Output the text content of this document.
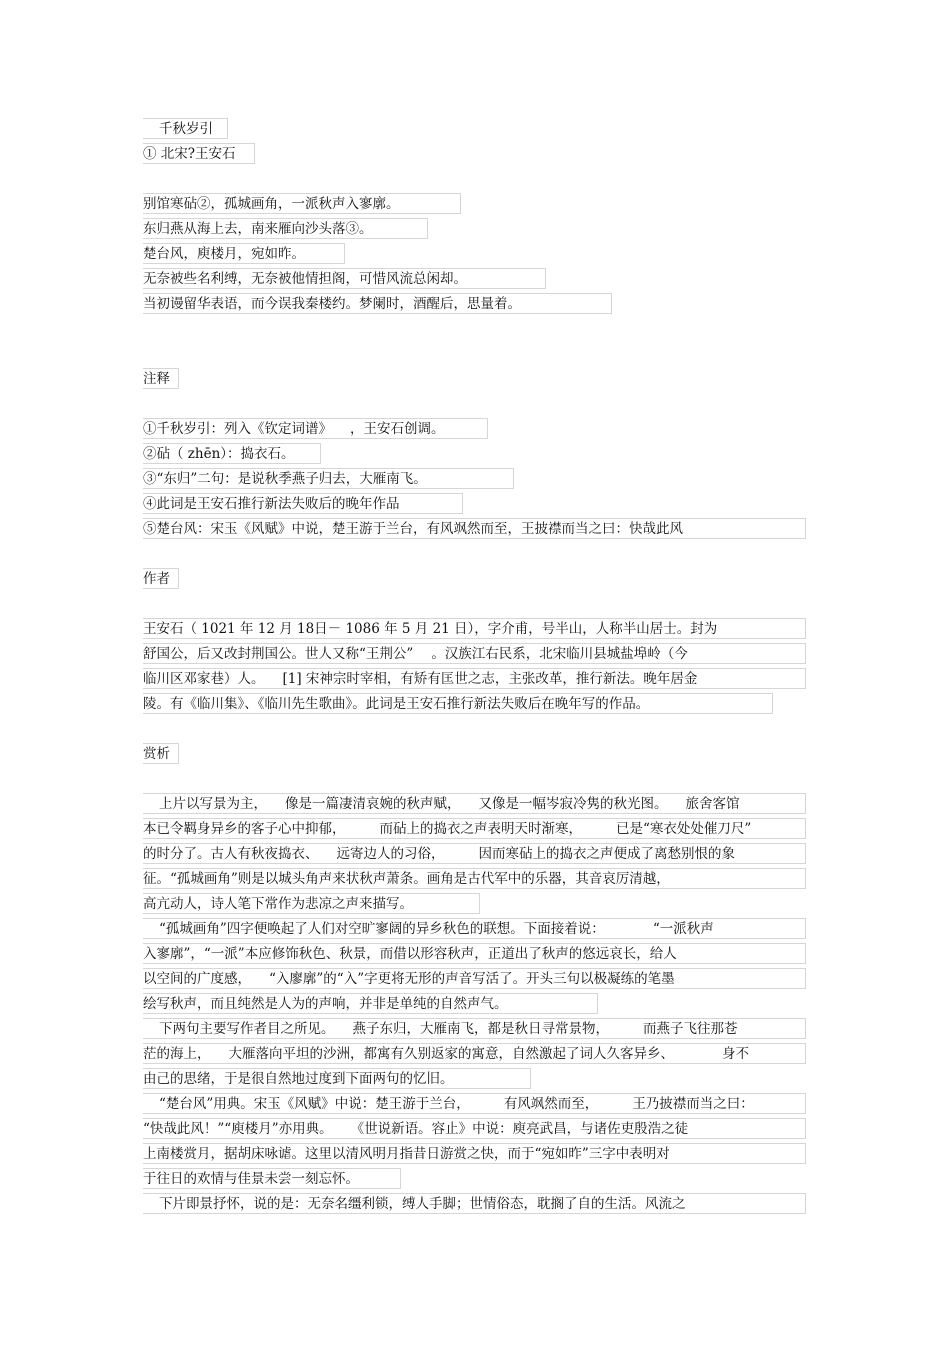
千秋岁引
① 北宋?王安石
别馆寒砧②，孤城画角，一派秋声入寥廓。
东归燕从海上去，南来雁向沙头落③。
楚台风，庾楼月，宛如昨。
无奈被些名利缚，无奈被他情担阁，可惜风流总闲却。
当初谩留华表语，而今误我秦楼约。梦阑时，酒醒后，思量着。
注释
①千秋岁引：列入《钦定词谱》 ，王安石创调。
②砧（ zhēn）：捣衣石。
③“东归”二句：是说秋季燕子归去，大雁南飞。
④此词是王安石推行新法失败后的晚年作品
⑤楚台风：宋玉《风赋》中说，楚王游于兰台，有风飒然而至，王披襟而当之曰：快哉此风
作者
王安石（ 1021 年 12 月 18日－ 1086 年 5 月 21 日），字介甫，号半山，人称半山居士。封为
舒国公，后又改封荆国公。世人又称“王荆公” 。汉族江右民系，北宋临川县城盐埠岭（今
临川区邓家巷）人。 [1] 宋神宗时宰相，有矫有匡世之志，主张改革，推行新法。晚年居金
陵。有《临川集》、《临川先生歌曲》。此词是王安石推行新法失败后在晚年写的作品。
赏析
上片以写景为主， 像是一篇凄清哀婉的秋声赋， 又像是一幅岑寂冷隽的秋光图。 旅舍客馆
本已令羁身异乡的客子心中抑郁，	而砧上的捣衣之声表明天时渐寒，	已是“寒衣处处催刀尺”
的时分了。古人有秋夜捣衣、 远寄边人的习俗，	因而寒砧上的捣衣之声便成了离愁别恨的象
征。“孤城画角”则是以城头角声来状秋声萧条。画角是古代军中的乐器，其音哀厉清越，
高亢动人，诗人笔下常作为悲凉之声来描写。
“孤城画角”四字便唤起了人们对空旷寥阔的异乡秋色的联想。下面接着说：	“一派秋声
入寥廓”，“一派”本应修饰秋色、秋景，而借以形容秋声，正道出了秋声的悠远哀长，给人
以空间的广度感， “入廖廓”的“入”字更将无形的声音写活了。开头三句以极凝练的笔墨
绘写秋声，而且纯然是人为的声响，并非是单纯的自然声气。
下两句主要写作者目之所见。 燕子东归，大雁南飞，都是秋日寻常景物，	而燕子飞往那苍
茫的海上， 大雁落向平坦的沙洲，都寓有久别返家的寓意，自然激起了词人久客异乡、	身不
由己的思绪，于是很自然地过度到下面两句的忆旧。
“楚台风”用典。宋玉《风赋》中说：楚王游于兰台，	有风飒然而至，	王乃披襟而当之曰：
“快哉此风！”“庾楼月”亦用典。 《世说新语。容止》中说：庾亮武昌，与诸佐吏殷浩之徒
上南楼赏月，据胡床咏谑。这里以清风明月指昔日游赏之快，而于“宛如昨”三字中表明对
于往日的欢情与佳景未尝一刻忘怀。
下片即景抒怀，说的是：无奈名缰利锁，缚人手脚；世情俗态，耽搁了自的生活。风流之
